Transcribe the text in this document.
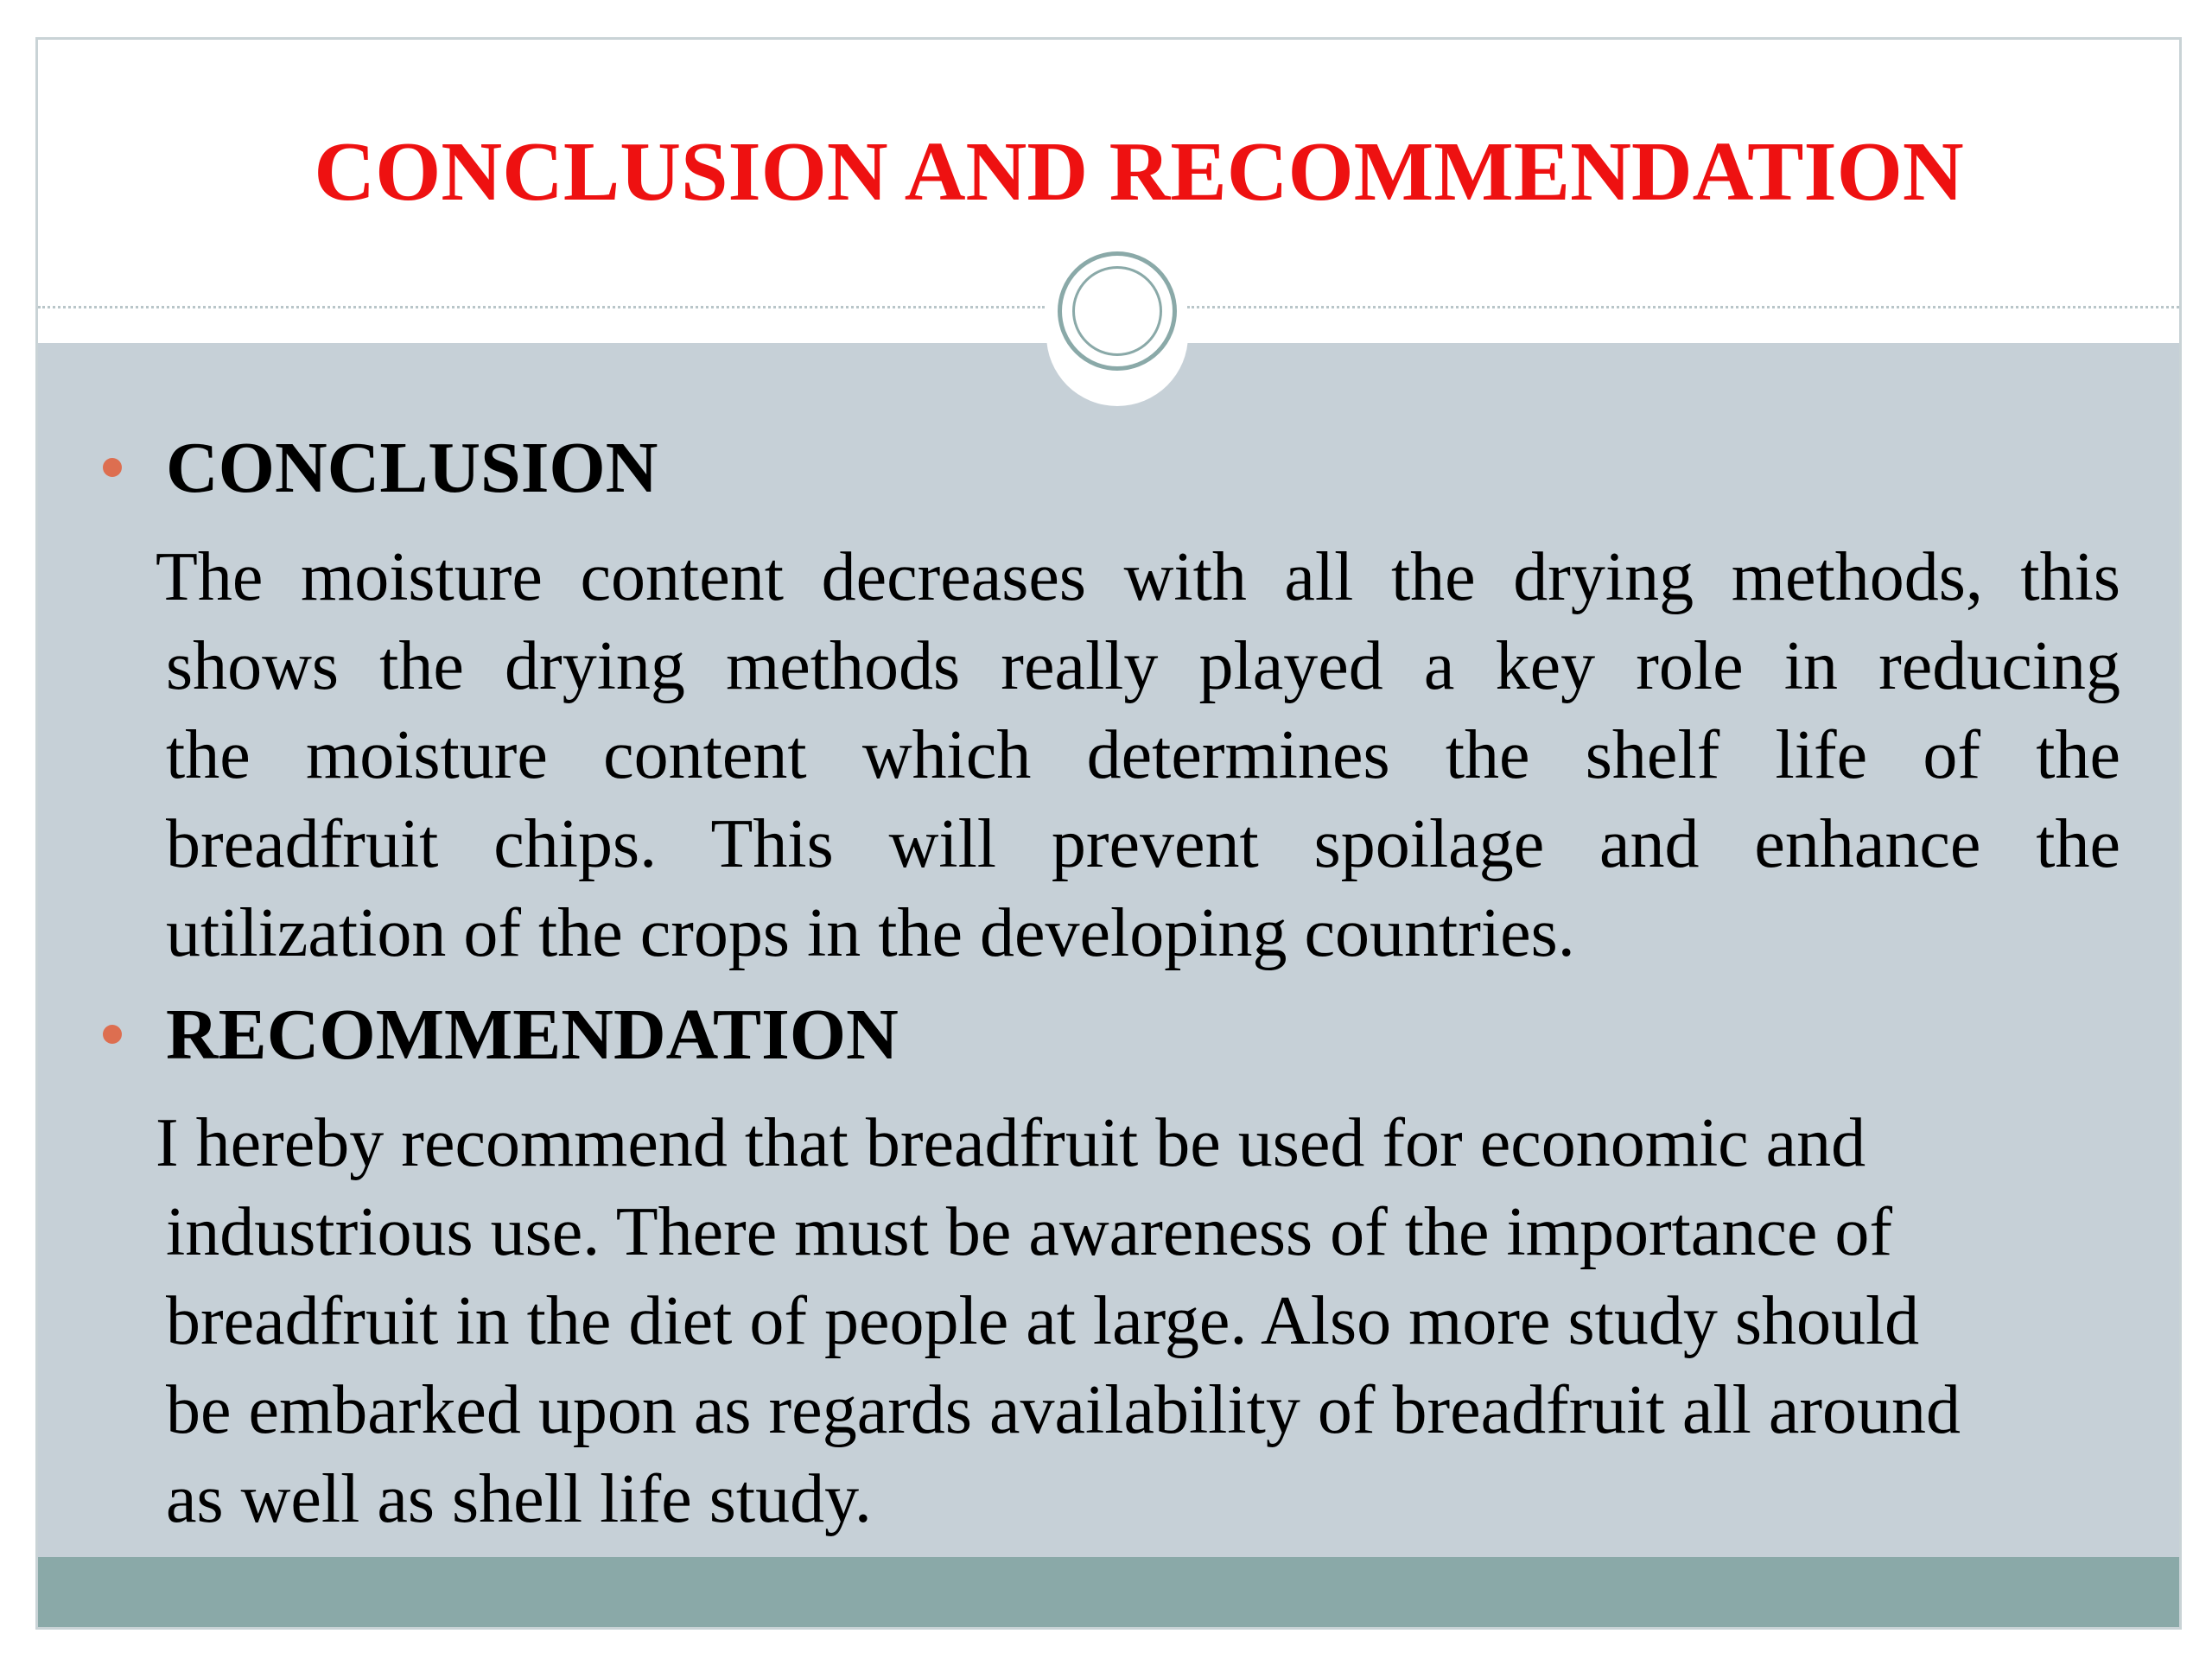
CONCLUSION AND RECOMMENDATION
CONCLUSION
The moisture content decreases with all the drying methods, this
shows the drying methods really played a key role in reducing
the moisture content which determines the shelf life of the
breadfruit chips. This will prevent spoilage and enhance the
utilization of the crops in the developing countries.
RECOMMENDATION
I hereby recommend that breadfruit be used for economic and
industrious use. There must be awareness of the importance of
breadfruit in the diet of people at large. Also more study should
be embarked upon as regards availability of breadfruit all around
as well as shell life study.
